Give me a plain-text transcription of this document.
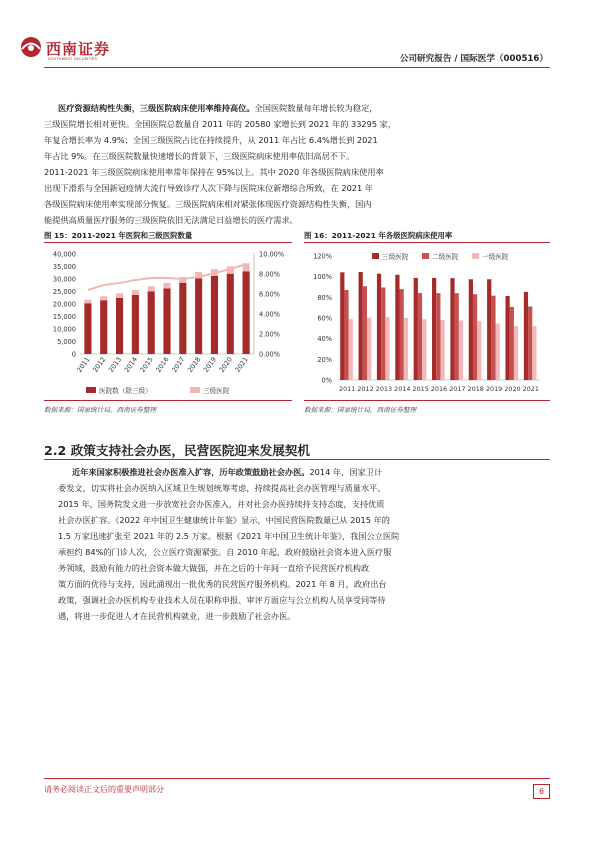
西南证券
SOUTHWEST SECURITIES	公司研究报告 / 国际医学（000516）
医疗资源结构性失衡，三级医院病床使用率维持高位。全国医院数量每年增长较为稳定，
三级医院增长相对更快。全国医院总数量自 2011 年的 20580 家增长到 2021 年的 33295 家，
年复合增长率为 4.9%；全国三级医院占比在持续提升，从 2011 年占比 6.4%增长到 2021
年占比 9%。在三级医院数量快速增长的背景下，三级医院病床使用率依旧高居不下。
2011-2021 年三级医院病床使用率常年保持在 95%以上。其中 2020 年各级医院病床使用率
出现下滑系与全国新冠疫情大流行导致诊疗人次下降与医院床位新增综合所致，在 2021 年
各级医院病床使用率实现部分恢复。三级医院病床相对紧张体现医疗资源结构性失衡，国内
能提供高质量医疗服务的三级医院依旧无法满足日益增长的医疗需求。
图 15：2011-2021 年医院和三级医院数量
0
5,000
10,000
15,000
20,000
25,000
30,000
35,000
40,000
0.00%
2.00%
4.00%
6.00%
8.00%
10.00%
2011 2012 2013 2014 2015 2016 2017 2018 2019 2020 2021
医院数（除三级）	三级医院
数据来源：国家统计局，西南证券整理
图 16：2011-2021 年各级医院病床使用率
0%
20%
40%
60%
80%
100%
120%
2011 2012 2013 2014 2015 2016 2017 2018 2019 2020 2021
三级医院	二级医院	一级医院
数据来源：国家统计局，西南证券整理
2.2 政策支持社会办医，民营医院迎来发展契机
近年来国家积极推进社会办医准入扩容，历年政策鼓励社会办医。2014 年，国家卫计
委发文，切实将社会办医纳入区域卫生规划统筹考虑，持续提高社会办医管理与质量水平。
2015 年，国务院发文进一步放宽社会办医准入，并对社会办医持续持支持态度，支持优质
社会办医扩容。《2022 年中国卫生健康统计年鉴》显示，中国民营医院数量已从 2015 年的
1.5 万家迅速扩张至 2021 年的 2.5 万家。根据《2021 年中国卫生统计年鉴》，我国公立医院
承担约 84%的门诊人次，公立医疗资源紧张。自 2010 年起，政府鼓励社会资本进入医疗服
务领域，鼓励有能力的社会资本做大做强，并在之后的十年间一直给予民营医疗机构政
策方面的优待与支持，因此涌现出一批优秀的民营医疗服务机构。2021 年 8 月，政府出台
政策，强调社会办医机构专业技术人员在职称申报、审评方面应与公立机构人员享受同等待
遇，将进一步促进人才在民营机构就业，进一步鼓励了社会办医。
请务必阅读正文后的重要声明部分	6
